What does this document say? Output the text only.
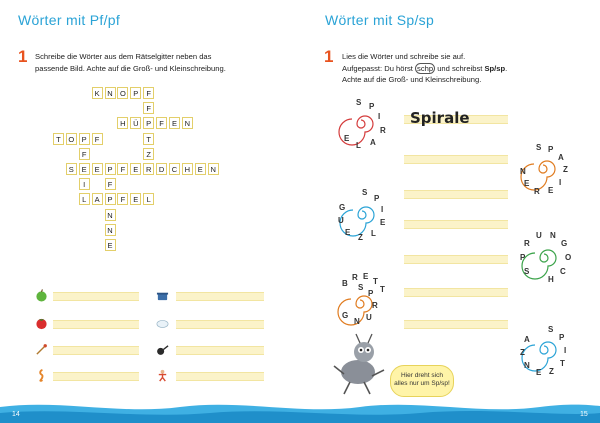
Wörter mit Pf/pf
1 Schreibe die Wörter aus dem Rätselgitter neben das
passende Bild. Achte auf die Groß- und Kleinschreibung.
K	N O P	F
F
H Ü	P	F	E	N
T	O P	F	T
F	Z
S	E	E	P	F	E	R D C H	E	N
I	F
L	A	P	F	E	L
N
N
E
Wörter mit Sp/sp
1 Lies die Wörter und schreibe sie auf.
Aufgepasst: Du hörst schp und schreibst Sp/sp.
Achte auf die Groß- und Kleinschreibung.
S P
I
R
A
L
E
S P
A
Z
I
E
R
E
N
S
P
I
E
L
Z
E
U
G
S
P
R
U N
G
O
C
H
B
R E
T
T
S
P
R
U
N
G
S
P
I
T
Z
E
N
Z
A
Spirale
Hier dreht sich
alles nur um Sp/sp!
14	15
